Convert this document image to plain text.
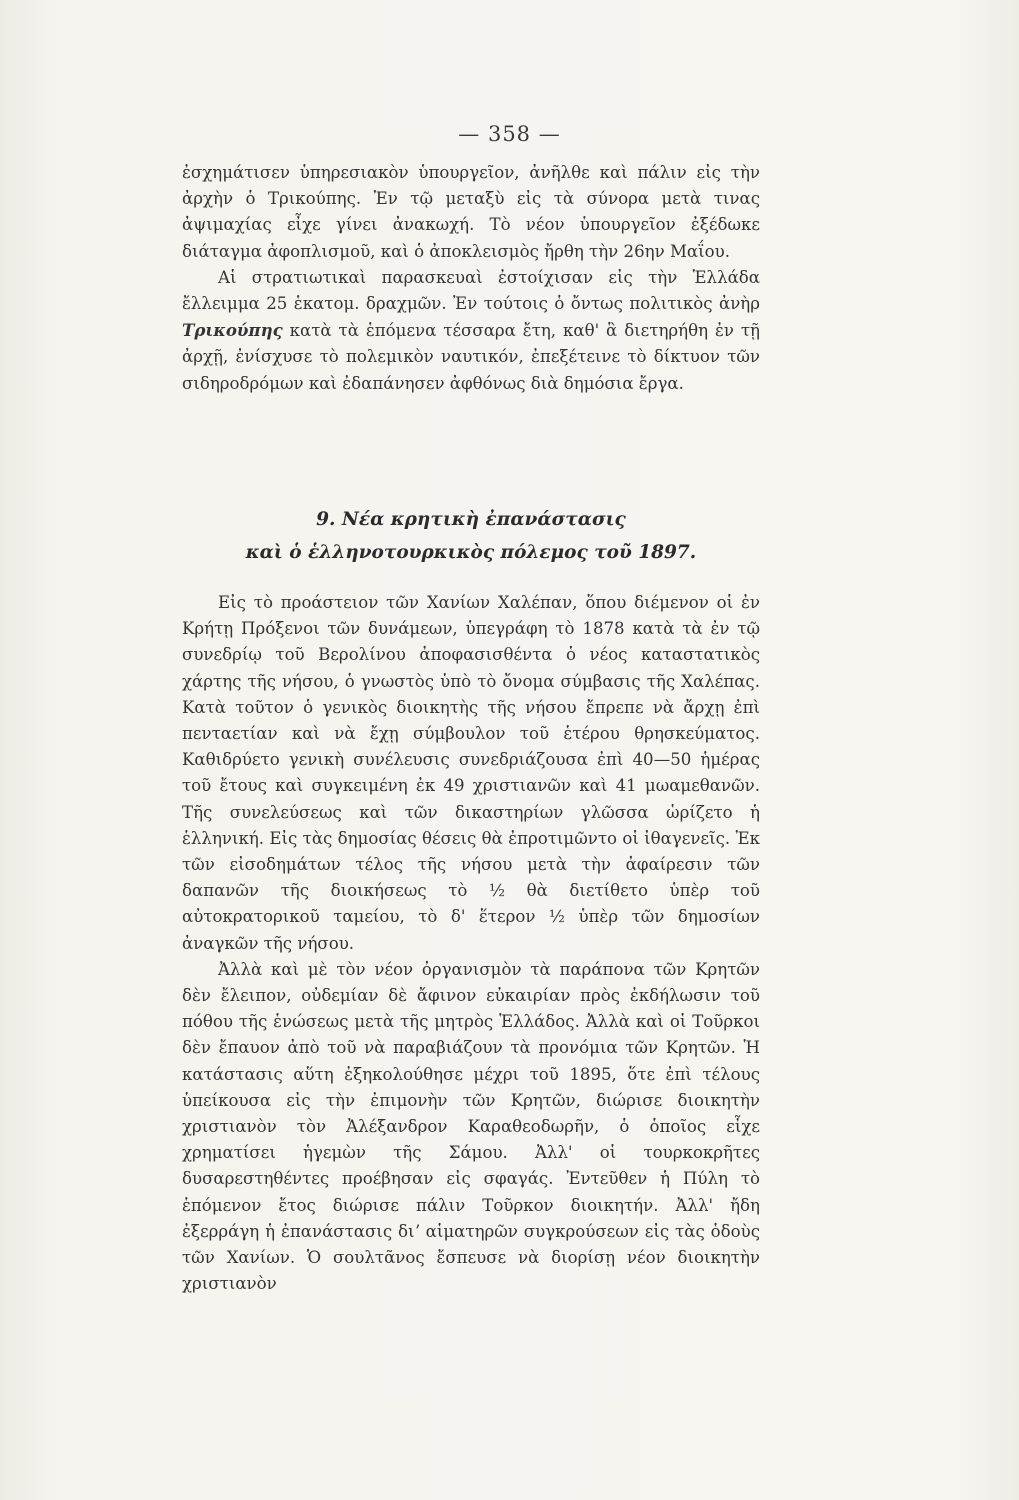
— 358 —

ἐσχημάτισεν ὑπηρεσιακὸν ὑπουργεῖον, ἀνῆλθε καὶ πάλιν εἰς τὴν ἀρχὴν ὁ Τρικούπης. Ἐν τῷ μεταξὺ εἰς τὰ σύνορα μετὰ τινας ἀψιμαχίας εἶχε γίνει ἀνακωχή. Τὸ νέον ὑπουργεῖον ἐξέδωκε διάταγμα ἀφοπλισμοῦ, καὶ ὁ ἀποκλεισμὸς ἤρθη τὴν 26ην Μαΐου.

Αἱ στρατιωτικαὶ παρασκευαὶ ἐστοίχισαν εἰς τὴν Ἑλλάδα ἔλλειμμα 25 ἑκατομ. δραχμῶν. Ἐν τούτοις ὁ ὄντως πολιτικὸς ἀνὴρ Τρικούπης κατὰ τὰ ἑπόμενα τέσσαρα ἔτη, καθ' ἃ διετηρήθη ἐν τῇ ἀρχῇ, ἐνίσχυσε τὸ πολεμικὸν ναυτικόν, ἐπεξέτεινε τὸ δίκτυον τῶν σιδηροδρόμων καὶ ἐδαπάνησεν ἀφθόνως διὰ δημόσια ἔργα.

9. Νέα κρητικὴ ἐπανάστασις
καὶ ὁ ἑλληνοτουρκικὸς πόλεμος τοῦ 1897.

Εἰς τὸ προάστειον τῶν Χανίων Χαλέπαν, ὅπου διέμενον οἱ ἐν Κρήτῃ Πρόξενοι τῶν δυνάμεων, ὑπεγράφη τὸ 1878 κατὰ τὰ ἐν τῷ συνεδρίῳ τοῦ Βερολίνου ἀποφασισθέντα ὁ νέος καταστατικὸς χάρτης τῆς νήσου, ὁ γνωστὸς ὑπὸ τὸ ὄνομα σύμβασις τῆς Χαλέπας. Κατὰ τοῦτον ὁ γενικὸς διοικητὴς τῆς νήσου ἔπρεπε νὰ ἄρχῃ ἐπὶ πενταετίαν καὶ νὰ ἔχῃ σύμβουλον τοῦ ἑτέρου θρησκεύματος. Καθιδρύετο γενικὴ συνέλευσις συνεδριάζουσα ἐπὶ 40—50 ἡμέρας τοῦ ἔτους καὶ συγκειμένη ἐκ 49 χριστιανῶν καὶ 41 μωαμεθανῶν. Τῆς συνελεύσεως καὶ τῶν δικαστηρίων γλῶσσα ὡρίζετο ἡ ἑλληνική. Εἰς τὰς δημοσίας θέσεις θὰ ἐπροτιμῶντο οἱ ἰθαγενεῖς. Ἐκ τῶν εἰσοδημάτων τέλος τῆς νήσου μετὰ τὴν ἀφαίρεσιν τῶν δαπανῶν τῆς διοικήσεως τὸ ½ θὰ διετίθετο ὑπὲρ τοῦ αὐτοκρατορικοῦ ταμείου, τὸ δ' ἕτερον ½ ὑπὲρ τῶν δημοσίων ἀναγκῶν τῆς νήσου.

Ἀλλὰ καὶ μὲ τὸν νέον ὀργανισμὸν τὰ παράπονα τῶν Κρητῶν δὲν ἔλειπον, οὐδεμίαν δὲ ἄφινον εὐκαιρίαν πρὸς ἐκδήλωσιν τοῦ πόθου τῆς ἑνώσεως μετὰ τῆς μητρὸς Ἑλλάδος. Ἀλλὰ καὶ οἱ Τοῦρκοι δὲν ἔπαυον ἀπὸ τοῦ νὰ παραβιάζουν τὰ προνόμια τῶν Κρητῶν. Ἡ κατάστασις αὕτη ἐξηκολούθησε μέχρι τοῦ 1895, ὅτε ἐπὶ τέλους ὑπείκουσα εἰς τὴν ἐπιμονὴν τῶν Κρητῶν, διώρισε διοικητὴν χριστιανὸν τὸν Ἀλέξανδρον Καραθεοδωρῆν, ὁ ὁποῖος εἶχε χρηματίσει ἡγεμὼν τῆς Σάμου. Ἀλλ' οἱ τουρκοκρῆτες δυσαρεστηθέντες προέβησαν εἰς σφαγάς. Ἐντεῦθεν ἡ Πύλη τὸ ἑπόμενον ἔτος διώρισε πάλιν Τοῦρκον διοικητήν. Ἀλλ' ἤδη ἐξερράγη ἡ ἐπανάστασις διʼ αἱματηρῶν συγκρούσεων εἰς τὰς ὁδοὺς τῶν Χανίων. Ὁ σουλτᾶνος ἔσπευσε νὰ διορίσῃ νέον διοικητὴν χριστιανὸν
